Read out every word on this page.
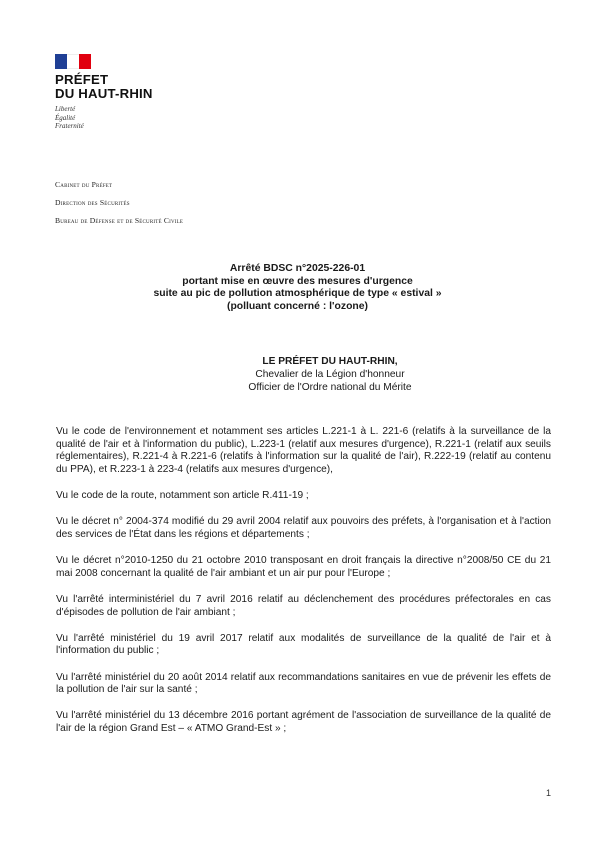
PRÉFET
DU HAUT-RHIN
Liberté
Égalité
Fraternité
Cabinet du Préfet
Direction des Sécurités
Bureau de Défense et de Sécurité Civile
Arrêté BDSC n°2025-226-01
portant mise en œuvre des mesures d'urgence
suite au pic de pollution atmosphérique de type « estival »
(polluant concerné : l'ozone)
LE PRÉFET DU HAUT-RHIN,
Chevalier de la Légion d'honneur
Officier de l'Ordre national du Mérite

Vu le code de l'environnement et notamment ses articles L.221-1 à L. 221-6 (relatifs à la surveillance de la qualité de l'air et à l'information du public), L.223-1 (relatif aux mesures d'urgence), R.221-1 (relatif aux seuils réglementaires), R.221-4 à R.221-6 (relatifs à l'information sur la qualité de l'air), R.222-19 (relatif au contenu du PPA), et R.223-1 à 223-4 (relatifs aux mesures d'urgence),

Vu le code de la route, notamment son article R.411-19 ;

Vu le décret n° 2004-374 modifié du 29 avril 2004 relatif aux pouvoirs des préfets, à l'organisation et à l'action des services de l'État dans les régions et départements ;

Vu le décret n°2010-1250 du 21 octobre 2010 transposant en droit français la directive n°2008/50 CE du 21 mai 2008 concernant la qualité de l'air ambiant et un air pur pour l'Europe ;

Vu l'arrêté interministériel du 7 avril 2016 relatif au déclenchement des procédures préfectorales en cas d'épisodes de pollution de l'air ambiant ;

Vu l'arrêté ministériel du 19 avril 2017 relatif aux modalités de surveillance de la qualité de l'air et à l'information du public ;

Vu l'arrêté ministériel du 20 août 2014 relatif aux recommandations sanitaires en vue de prévenir les effets de la pollution de l'air sur la santé ;

Vu l'arrêté ministériel du 13 décembre 2016 portant agrément de l'association de surveillance de la qualité de l'air de la région Grand Est – « ATMO Grand-Est » ;

1
